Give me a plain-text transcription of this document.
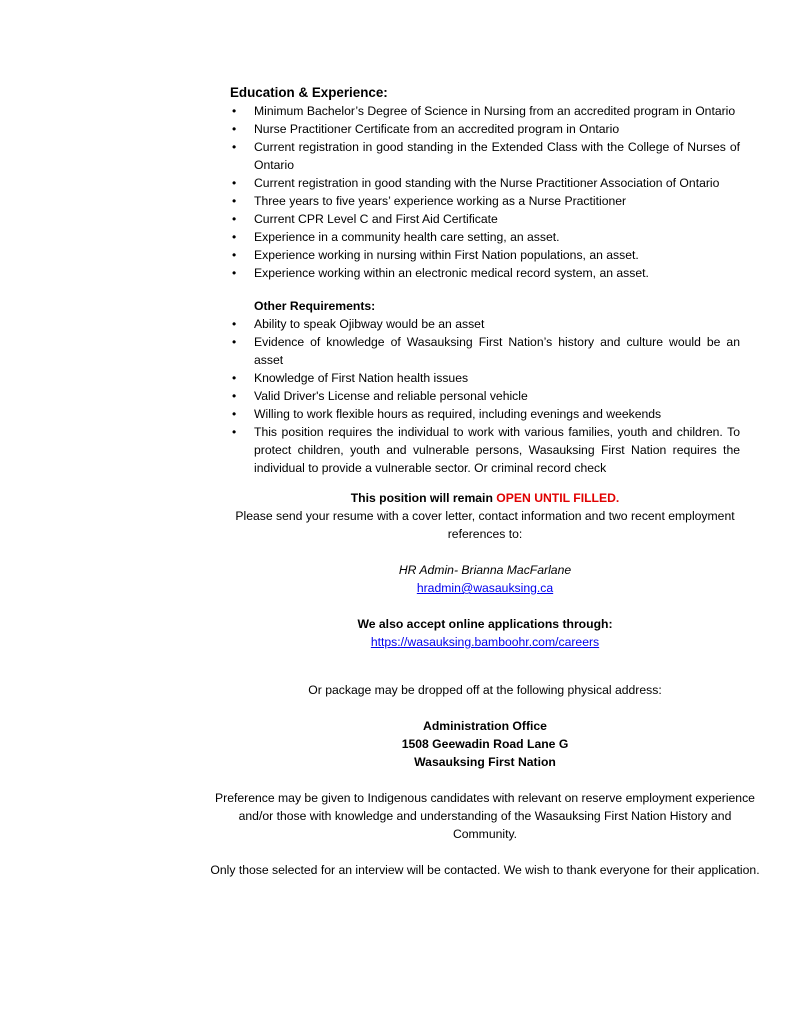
Education & Experience:

• Minimum Bachelor’s Degree of Science in Nursing from an accredited program in Ontario
• Nurse Practitioner Certificate from an accredited program in Ontario
• Current registration in good standing in the Extended Class with the College of Nurses of Ontario
• Current registration in good standing with the Nurse Practitioner Association of Ontario
• Three years to five years’ experience working as a Nurse Practitioner
• Current CPR Level C and First Aid Certificate
• Experience in a community health care setting, an asset.
• Experience working in nursing within First Nation populations, an asset.
• Experience working within an electronic medical record system, an asset.

Other Requirements:

• Ability to speak Ojibway would be an asset
• Evidence of knowledge of Wasauksing First Nation’s history and culture would be an asset
• Knowledge of First Nation health issues
• Valid Driver's License and reliable personal vehicle
• Willing to work flexible hours as required, including evenings and weekends
• This position requires the individual to work with various families, youth and children. To protect children, youth and vulnerable persons, Wasauksing First Nation requires the individual to provide a vulnerable sector. Or criminal record check
This position will remain OPEN UNTIL FILLED.
Please send your resume with a cover letter, contact information and two recent employment references to:
HR Admin- Brianna MacFarlane
hradmin@wasauksing.ca
We also accept online applications through:
https://wasauksing.bamboohr.com/careers
Or package may be dropped off at the following physical address:
Administration Office
1508 Geewadin Road Lane G
Wasauksing First Nation
Preference may be given to Indigenous candidates with relevant on reserve employment experience and/or those with knowledge and understanding of the Wasauksing First Nation History and Community.
Only those selected for an interview will be contacted. We wish to thank everyone for their application.
